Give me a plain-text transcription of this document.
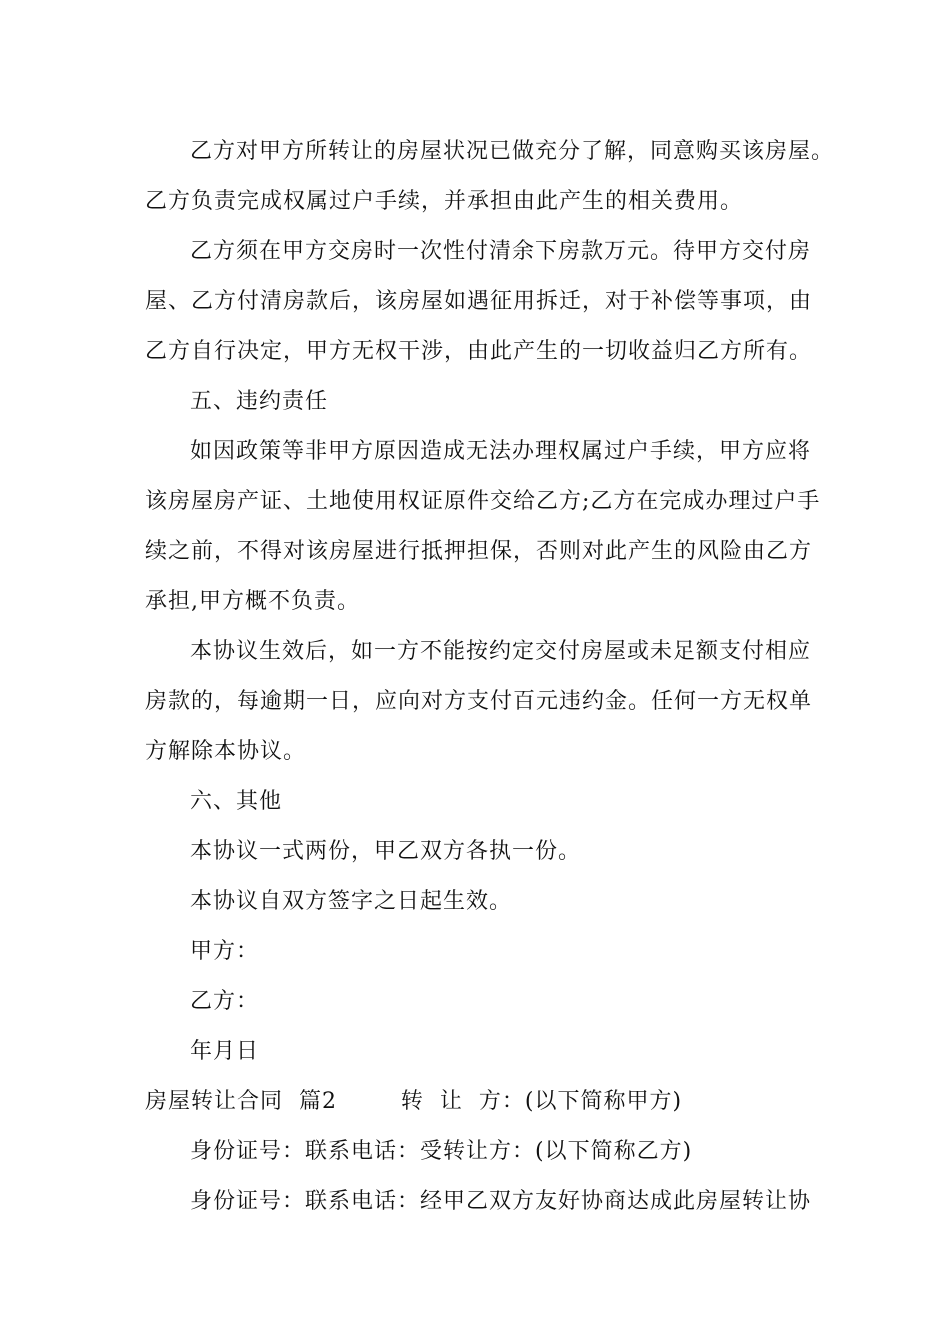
乙方对甲方所转让的房屋状况已做充分了解，同意购买该房屋。
乙方负责完成权属过户手续，并承担由此产生的相关费用。
乙方须在甲方交房时一次性付清余下房款万元。待甲方交付房
屋、乙方付清房款后，该房屋如遇征用拆迁，对于补偿等事项，由
乙方自行决定，甲方无权干涉，由此产生的一切收益归乙方所有。
五、违约责任
如因政策等非甲方原因造成无法办理权属过户手续，甲方应将
该房屋房产证、土地使用权证原件交给乙方;乙方在完成办理过户手
续之前，不得对该房屋进行抵押担保，否则对此产生的风险由乙方
承担,甲方概不负责。
本协议生效后，如一方不能按约定交付房屋或未足额支付相应
房款的，每逾期一日，应向对方支付百元违约金。任何一方无权单
方解除本协议。
六、其他
本协议一式两份，甲乙双方各执一份。
本协议自双方签字之日起生效。
甲方：
乙方：
年月日
房屋转让合同  篇2        转  让  方：(以下简称甲方)
身份证号：联系电话：受转让方：(以下简称乙方)
身份证号：联系电话：经甲乙双方友好协商达成此房屋转让协
